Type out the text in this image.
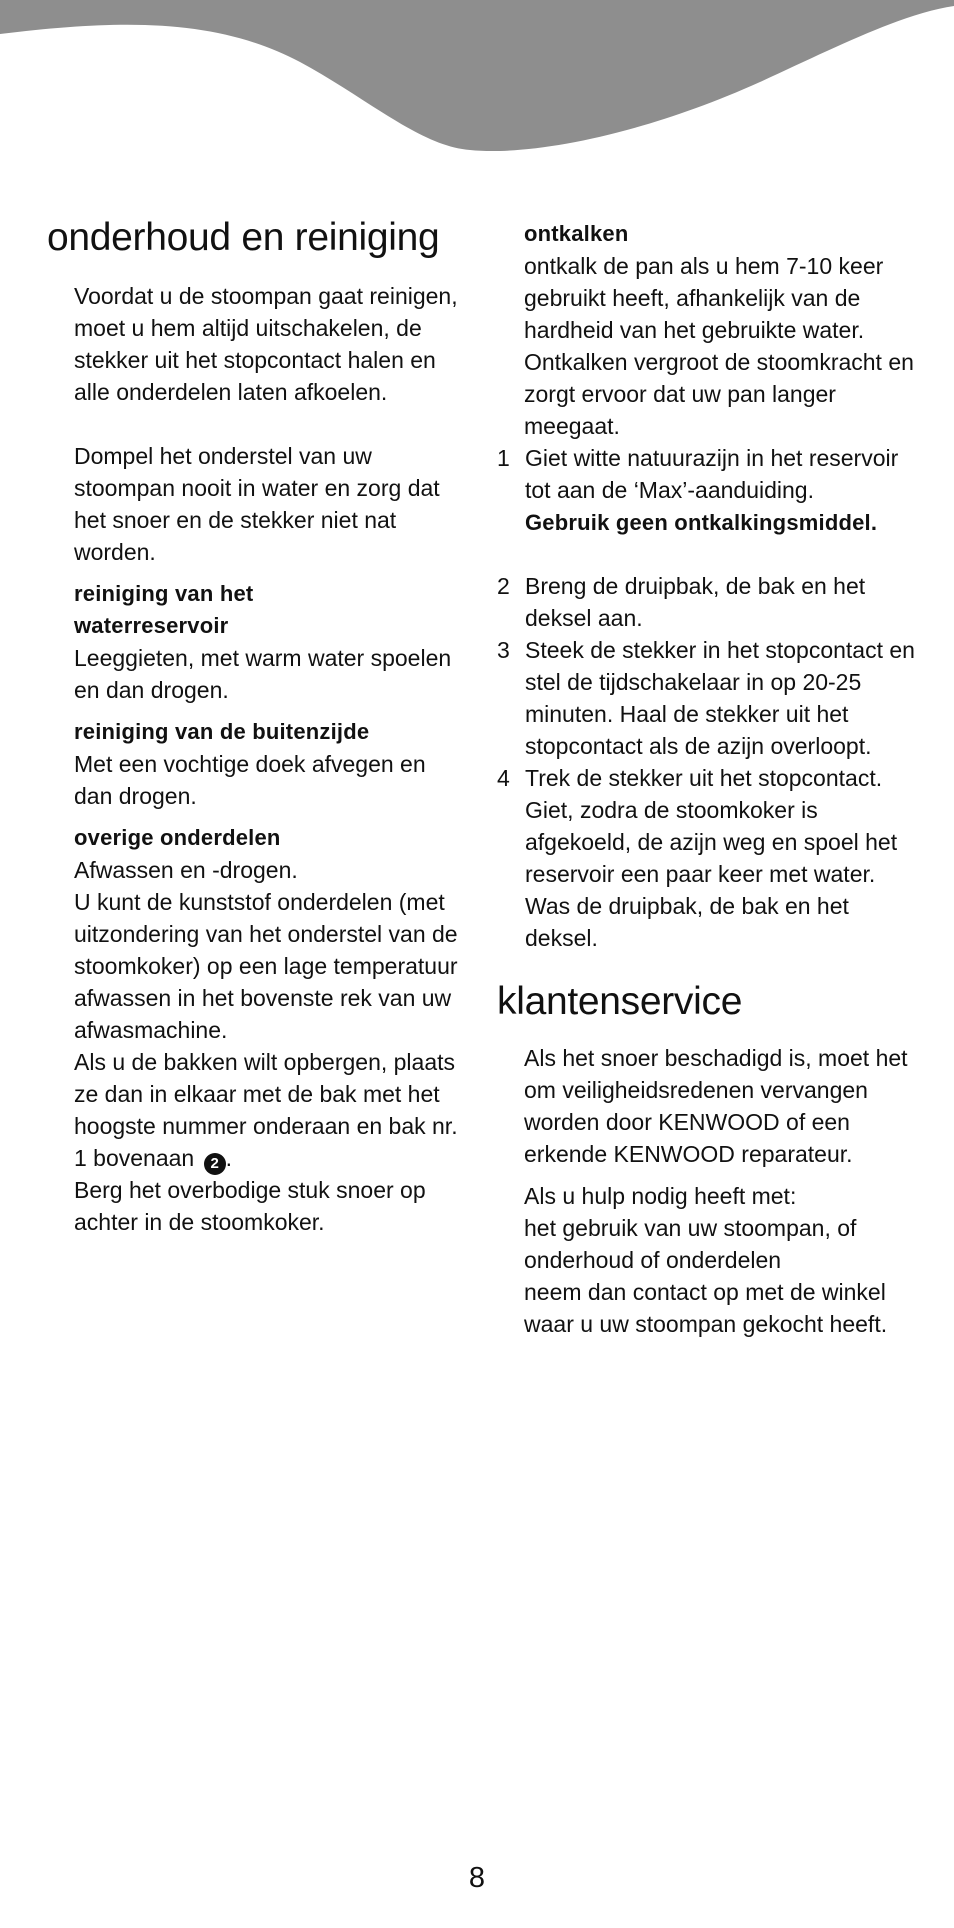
onderhoud en reiniging

Voordat u de stoompan gaat reinigen, moet u hem altijd uitschakelen, de stekker uit het stopcontact halen en alle onderdelen laten afkoelen.

Dompel het onderstel van uw stoompan nooit in water en zorg dat het snoer en de stekker niet nat worden.

reiniging van het waterreservoir

Leeggieten, met warm water spoelen en dan drogen.

reiniging van de buitenzijde

Met een vochtige doek afvegen en dan drogen.

overige onderdelen

Afwassen en -drogen.

U kunt de kunststof onderdelen (met uitzondering van het onderstel van de stoomkoker) op een lage temperatuur afwassen in het bovenste rek van uw afwasmachine.

Als u de bakken wilt opbergen, plaats ze dan in elkaar met de bak met het hoogste nummer onderaan en bak nr. 1 bovenaan 2 .

Berg het overbodige stuk snoer op achter in de stoomkoker.

ontkalken

ontkalk de pan als u hem 7-10 keer gebruikt heeft, afhankelijk van de hardheid van het gebruikte water. Ontkalken vergroot de stoomkracht en zorgt ervoor dat uw pan langer meegaat.

1 Giet witte natuurazijn in het reservoir tot aan de ‘Max’-aanduiding.
Gebruik geen ontkalkingsmiddel.
2 Breng de druipbak, de bak en het deksel aan.
3 Steek de stekker in het stopcontact en stel de tijdschakelaar in op 20-25 minuten. Haal de stekker uit het stopcontact als de azijn overloopt.
4 Trek de stekker uit het stopcontact. Giet, zodra de stoomkoker is afgekoeld, de azijn weg en spoel het reservoir een paar keer met water. Was de druipbak, de bak en het deksel.
klantenservice

Als het snoer beschadigd is, moet het om veiligheidsredenen vervangen worden door KENWOOD of een erkende KENWOOD reparateur.

Als u hulp nodig heeft met:

het gebruik van uw stoompan, of onderhoud of onderdelen

neem dan contact op met de winkel waar u uw stoompan gekocht heeft.

8
